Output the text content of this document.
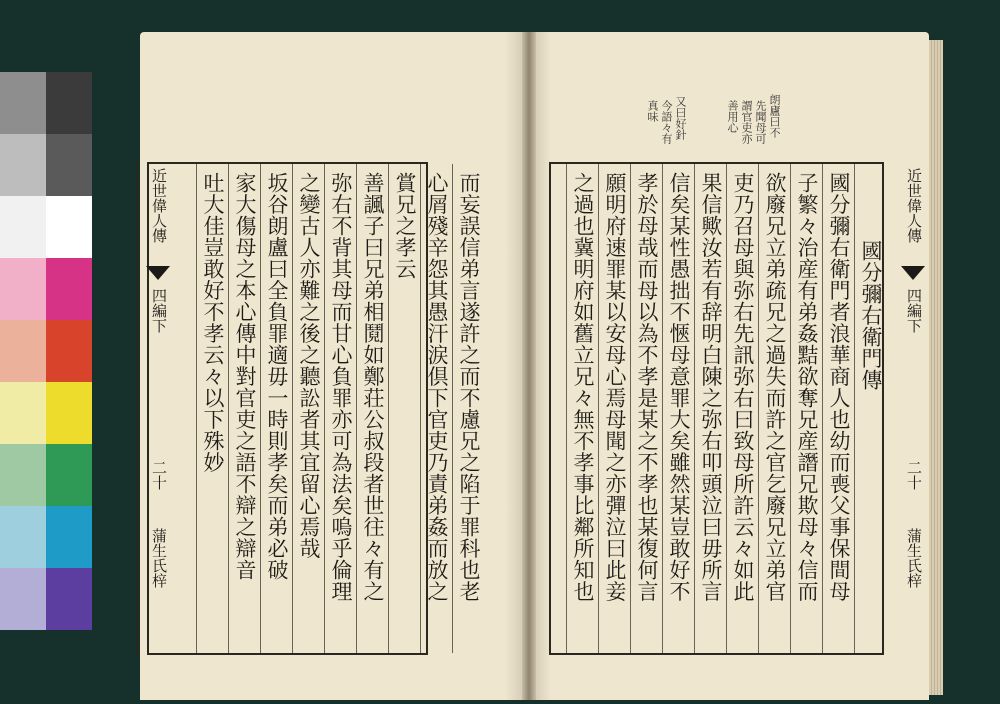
近世偉人傳
四編下
二十
蒲生氏梓	而妄誤信弟言遂許之而不慮兄之陷于罪科也老
心屑殘辛怨其愚汗涙倶下官吏乃責弟姦而放之
賞兄之孝云
善諷子曰兄弟相鬩如鄭荘公叔段者世往々有之
弥右不背其母而甘心負罪亦可為法矣嗚乎倫理
之變古人亦難之後之聽訟者其宜留心焉哉
坂谷朗盧曰全負罪適毋一時則孝矣而弟必破
家大傷母之本心傳中對官吏之語不辯之辯音
吐大佳豈敢好不孝云々以下殊妙
朗廬曰不
先聞母可
謂官吏亦
善用心
又曰好針
今語々有
真味
國分彌右衛門傳
國分彌右衛門者浪華商人也幼而喪父事保間母
子繁々治産有弟姦黠欲奪兄産譖兄欺母々信而
欲廢兄立弟疏兄之過失而許之官乞廢兄立弟官
吏乃召母與弥右先訊弥右曰致母所許云々如此
果信歟汝若有辞明白陳之弥右叩頭泣曰毋所言
信矣某性愚拙不愜母意罪大矣雖然某豈敢好不
孝於母哉而母以為不孝是某之不孝也某復何言
願明府速罪某以安母心焉母聞之亦彈泣曰此妾
之過也冀明府如舊立兄々無不孝事比鄰所知也	近世偉人傳
四編下
二十
蒲生氏梓
